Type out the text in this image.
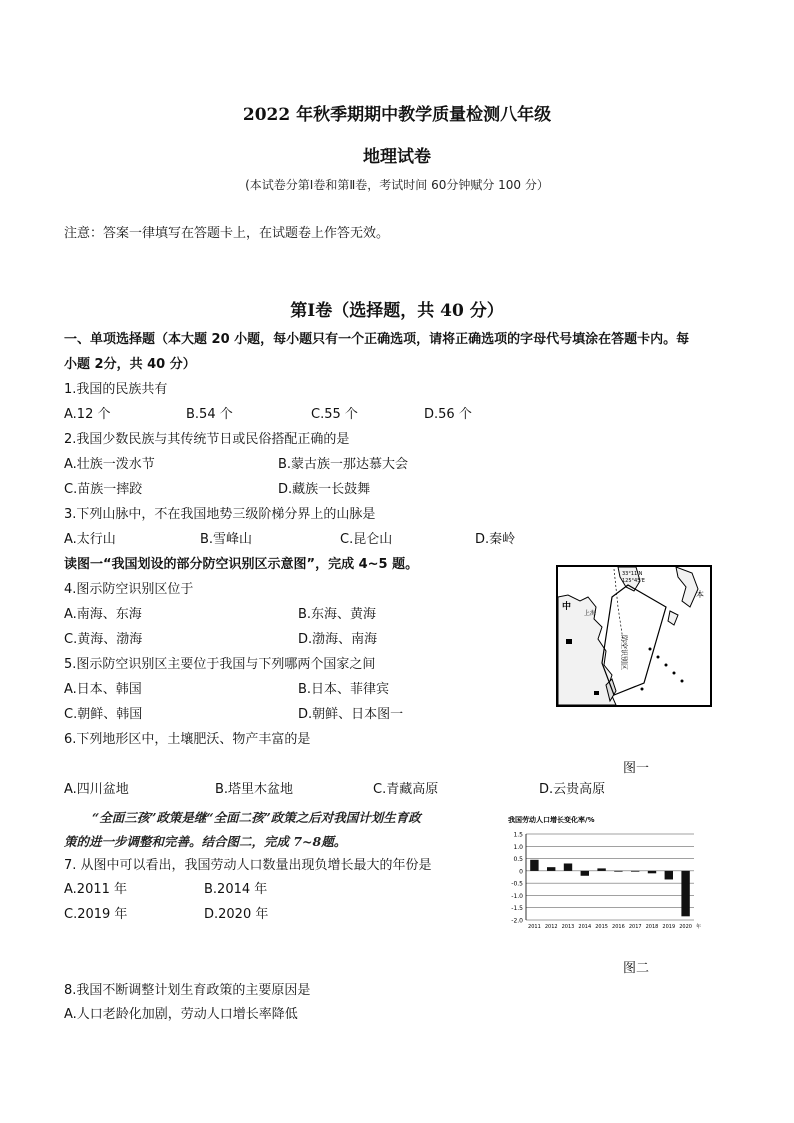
2022 年秋季期期中教学质量检测八年级
地理试卷
(本试卷分第Ⅰ卷和第Ⅱ卷，考试时间 60分钟赋分 100 分）
注意：答案一律填写在答题卡上，在试题卷上作答无效。
第Ⅰ卷（选择题，共 40 分）
一、单项选择题（本大题 20 小题，每小题只有一个正确选项，请将正确选项的字母代号填涂在答题卡内。每
小题 2分，共 40 分）
1.我国的民族共有
A.12 个	B.54 个	C.55 个	D.56 个
2.我国少数民族与其传统节日或民俗搭配正确的是
A.壮族一泼水节	B.蒙古族一那达慕大会
C.苗族一摔跤	D.藏族一长鼓舞
3.下列山脉中，不在我国地势三级阶梯分界上的山脉是
A.太行山	B.雪峰山	C.昆仑山	D.秦岭
读图一“我国划设的部分防空识别区示意图”，完成 4~5 题。
4.图示防空识别区位于
A.南海、东海	B.东海、黄海
C.黄海、渤海	D.渤海、南海
5.图示防空识别区主要位于我国与下列哪两个国家之间
A.日本、韩国	B.日本、菲律宾
C.朝鲜、韩国	D.朝鲜、日本图一
6.下列地形区中，土壤肥沃、物产丰富的是
A.四川盆地	B.塔里木盆地	C.青藏高原	D.云贵高原
中
上海
防空识别区
33°11'N
125°45'E
本
图一
“全面三孩”政策是继“全面二孩”政策之后对我国计划生育政
策的进一步调整和完善。结合图二，完成 7~8题。
7. 从图中可以看出，我国劳动人口数量出现负增长最大的年份是
A.2011 年	B.2014 年
C.2019 年	D.2020 年
我国劳动人口增长变化率/%
1.5
1.0
0.5
0
-0.5
-1.0
-1.5
-2.0
2011 2012 2013 2014 2015 2016 2017 2018 2019 2020 年
图二
8.我国不断调整计划生育政策的主要原因是
A.人口老龄化加剧，劳动人口增长率降低
